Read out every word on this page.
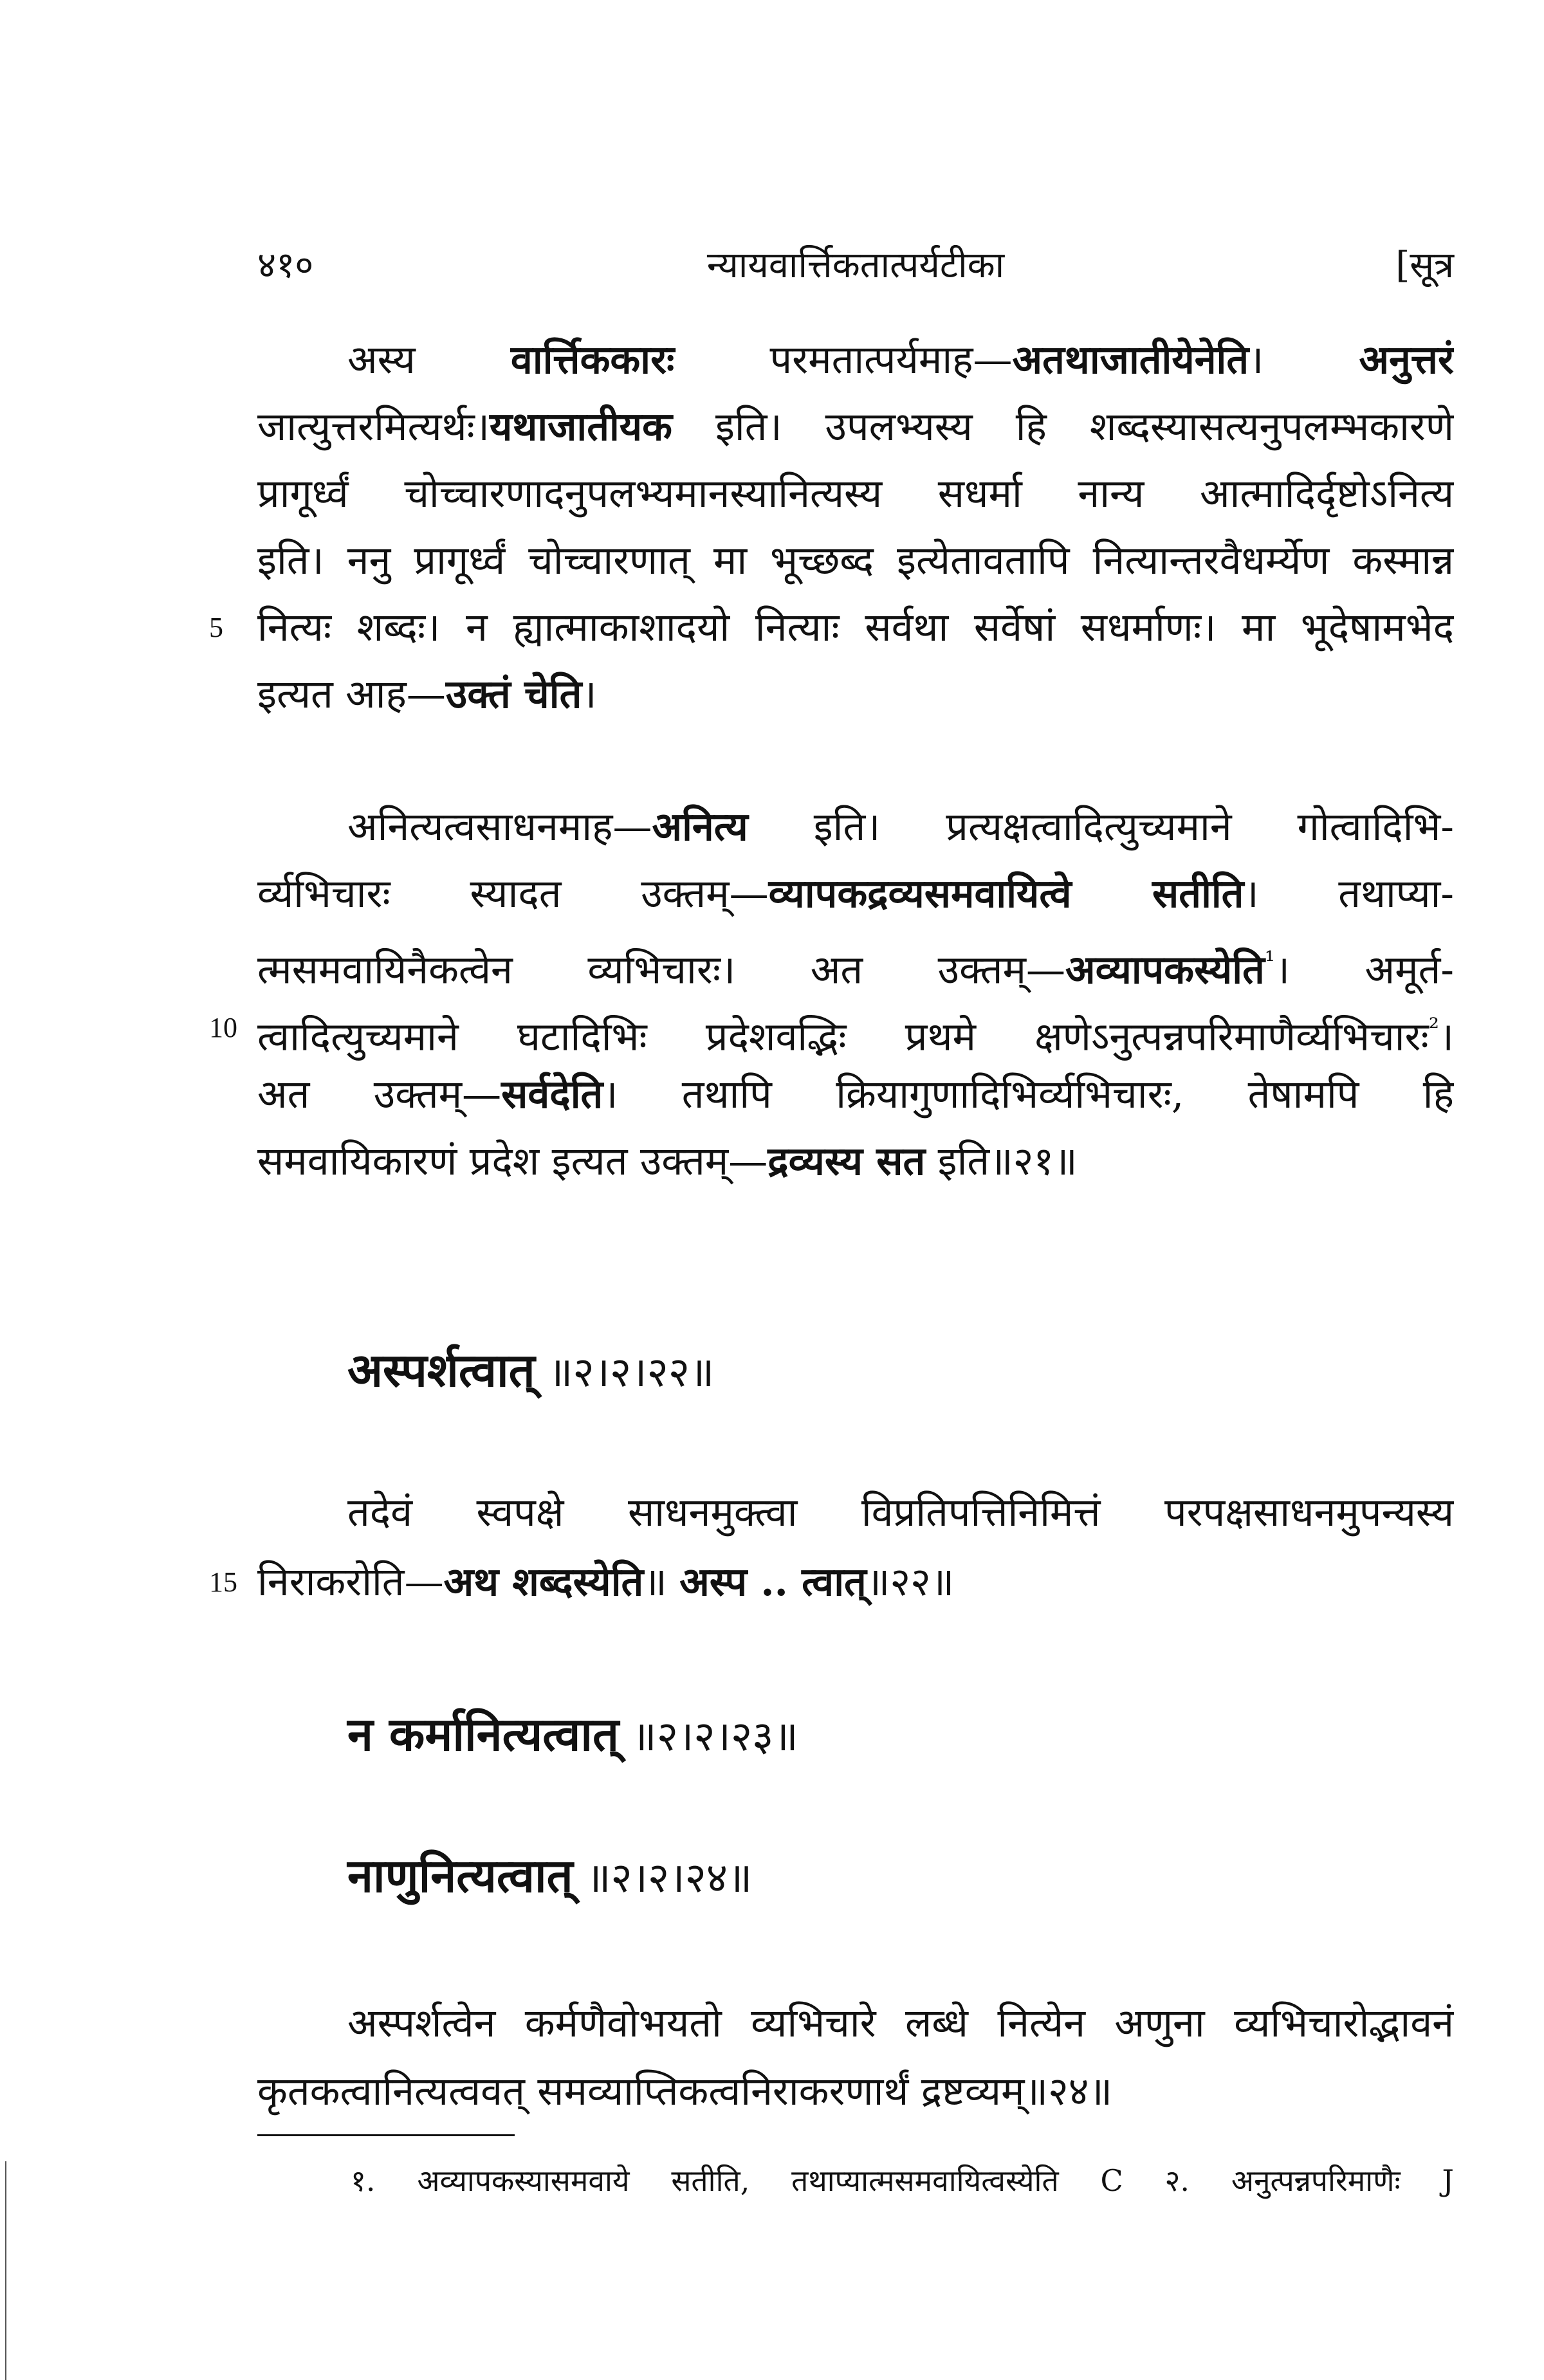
४१०	न्यायवार्त्तिकतात्पर्यटीका	[सूत्र
अस्य वार्त्तिककारः परमतात्पर्यमाह—अतथाजातीयेनेति। अनुत्तरं
जात्युत्तरमित्यर्थः।यथाजातीयक इति। उपलभ्यस्य हि शब्दस्यासत्यनुपलम्भकारणे
प्रागूर्ध्वं चोच्चारणादनुपलभ्यमानस्यानित्यस्य सधर्मा नान्य आत्मादिर्दृष्टोऽनित्य
इति। ननु प्रागूर्ध्वं चोच्चारणात् मा भूच्छब्द इत्येतावतापि नित्यान्तरवैधर्म्येण कस्मान्न
5 नित्यः शब्दः। न ह्यात्माकाशादयो नित्याः सर्वथा सर्वेषां सधर्माणः। मा भूदेषामभेद
इत्यत आह—उक्तं चेति।
अनित्यत्वसाधनमाह—अनित्य इति। प्रत्यक्षत्वादित्युच्यमाने गोत्वादिभि-
र्व्यभिचारः स्यादत उक्तम्—व्यापकद्रव्यसमवायित्वे सतीति। तथाप्या-
त्मसमवायिनैकत्वेन व्यभिचारः। अत उक्तम्—अव्यापकस्येति$^{^1}$। अमूर्त-
10 त्वादित्युच्यमाने घटादिभिः प्रदेशवद्भिः प्रथमे क्षणेऽनुत्पन्नपरिमाणैर्व्यभिचारः$^{^2}$।
अत उक्तम्—सर्वदेति। तथापि क्रियागुणादिभिर्व्यभिचारः, तेषामपि हि
समवायिकारणं प्रदेश इत्यत उक्तम्—द्रव्यस्य सत इति॥२१॥
अस्पर्शत्वात् ॥२।२।२२॥
तदेवं स्वपक्षे साधनमुक्त्वा विप्रतिपत्तिनिमित्तं परपक्षसाधनमुपन्यस्य
15 निराकरोति—अथ शब्दस्येति॥ अस्प .. त्वात्॥२२॥
न कर्मानित्यत्वात् ॥२।२।२३॥
नाणुनित्यत्वात् ॥२।२।२४॥
अस्पर्शत्वेन कर्मणैवोभयतो व्यभिचारे लब्धे नित्येन अणुना व्यभिचारोद्भावनं
कृतकत्वानित्यत्ववत् समव्याप्तिकत्वनिराकरणार्थं द्रष्टव्यम्॥२४॥
१. अव्यापकस्यासमवाये सतीति, तथाप्यात्मसमवायित्वस्येति C २. अनुत्पन्नपरिमाणैः J
